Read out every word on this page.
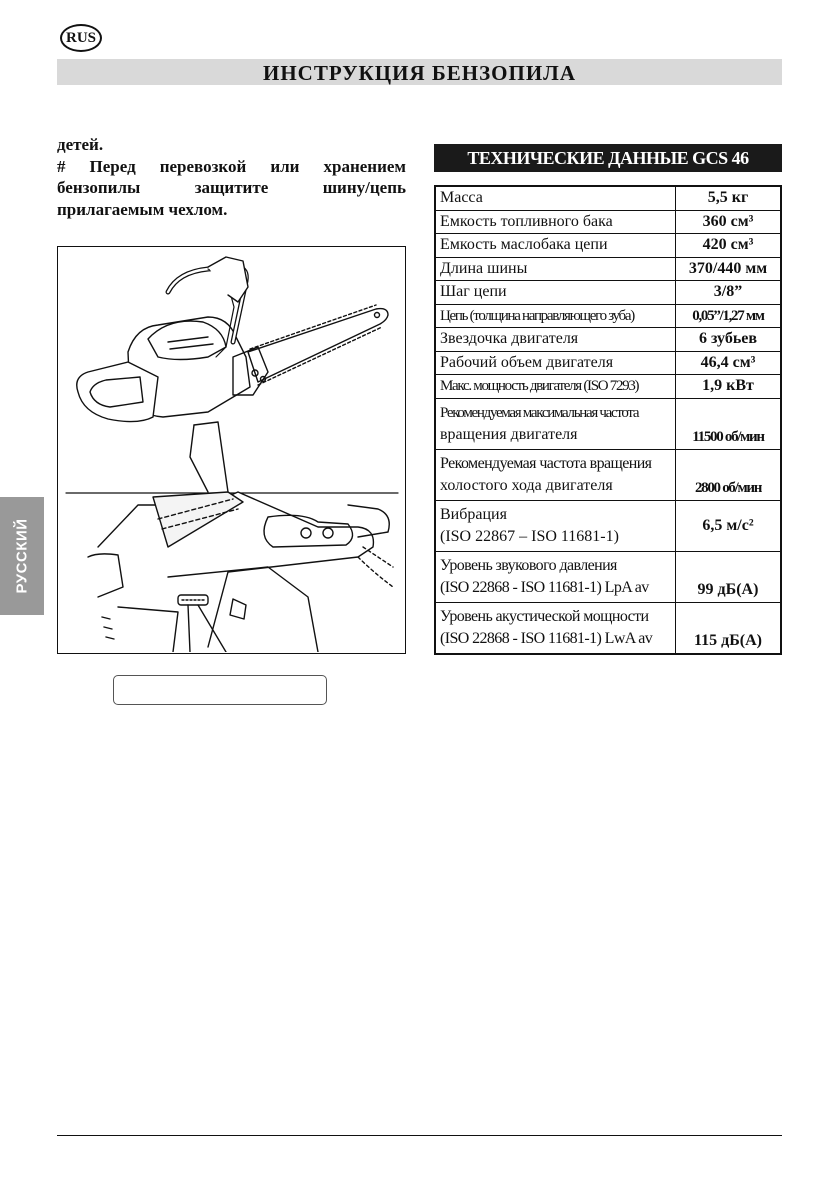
RUS
ИНСТРУКЦИЯ БЕНЗОПИЛА
РУССКИЙ

детей.

# Перед перевозкой или хранением бензопилы защитите шину/цепь прилагаемым чехлом.

ТЕХНИЧЕСКИЕ ДАННЫЕ GCS 46
Масса	5,5 кг
Емкость топливного бака	360 см³
Емкость маслобака цепи	420 см³
Длина шины	370/440 мм
Шаг цепи	3/8”
Цепь (толщина направляющего зуба)	0,05”/1,27 мм
Звездочка двигателя	6 зубьев
Рабочий объем двигателя	46,4 см³
Макс. мощность двигателя (ISO 7293)	1,9 кВт

Рекомендуемая максимальная частота
вращения двигателя	11500 об/мин

Рекомендуемая частота вращения
холостого хода двигателя	2800 об/мин

Вибрация
(ISO 22867 – ISO 11681-1)	6,5 м/с²

Уровень звукового давления
(ISO 22868 - ISO 11681-1) LpA av	99 дБ(A)

Уровень акустической мощности
(ISO 22868 - ISO 11681-1) LwA av	115 дБ(A)
